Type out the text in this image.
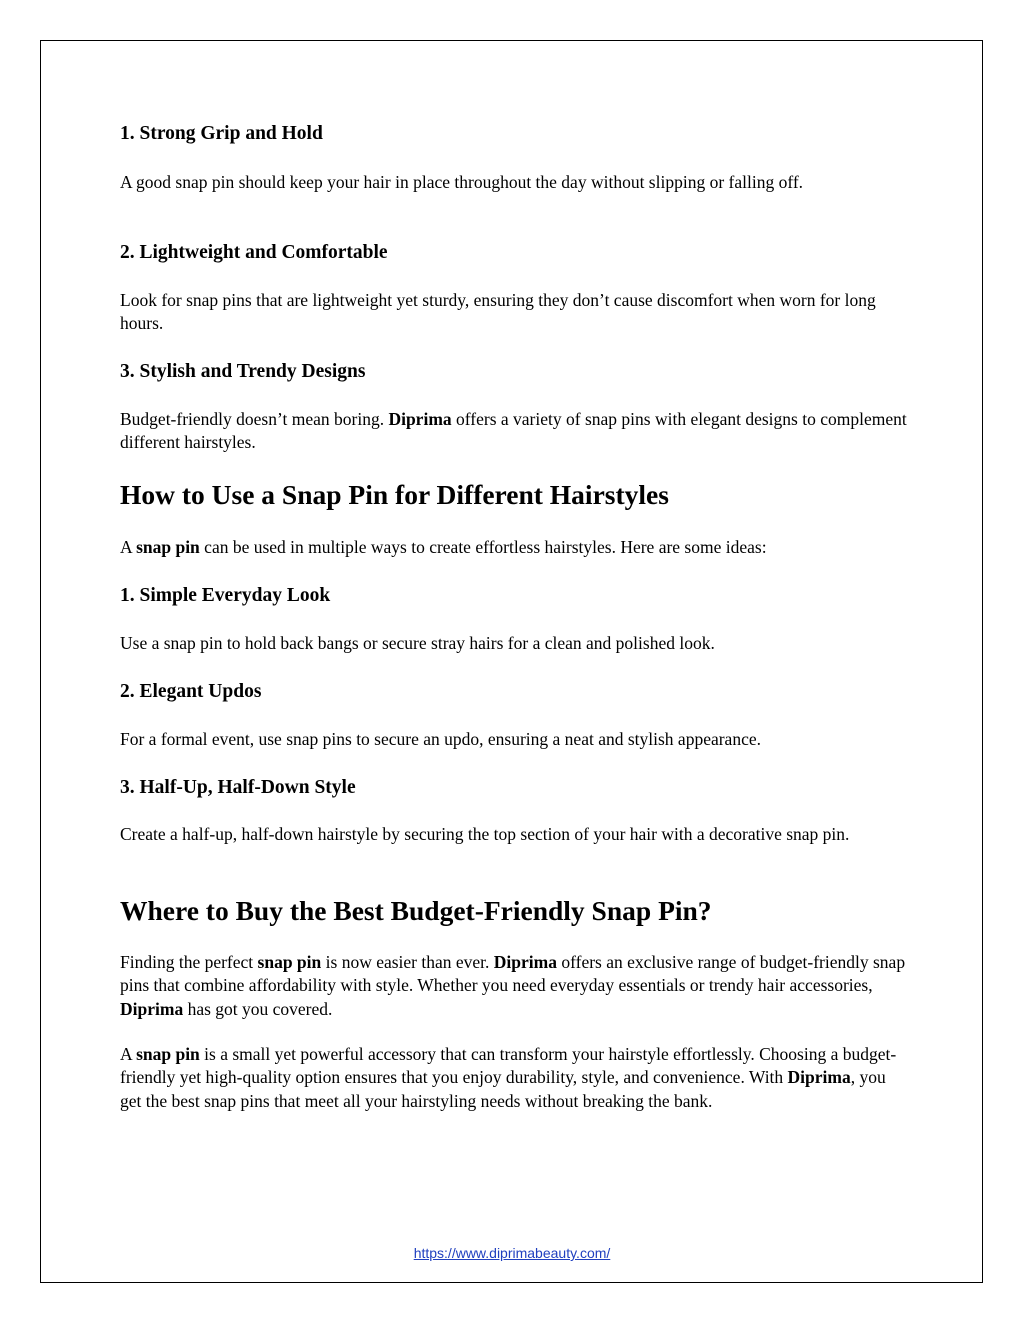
1. Strong Grip and Hold

A good snap pin should keep your hair in place throughout the day without slipping or falling off.

2. Lightweight and Comfortable

Look for snap pins that are lightweight yet sturdy, ensuring they don’t cause discomfort when worn for long hours.

3. Stylish and Trendy Designs

Budget-friendly doesn’t mean boring. Diprima offers a variety of snap pins with elegant designs to complement different hairstyles.

How to Use a Snap Pin for Different Hairstyles

A snap pin can be used in multiple ways to create effortless hairstyles. Here are some ideas:

1. Simple Everyday Look

Use a snap pin to hold back bangs or secure stray hairs for a clean and polished look.

2. Elegant Updos

For a formal event, use snap pins to secure an updo, ensuring a neat and stylish appearance.

3. Half-Up, Half-Down Style

Create a half-up, half-down hairstyle by securing the top section of your hair with a decorative snap pin.

Where to Buy the Best Budget-Friendly Snap Pin?

Finding the perfect snap pin is now easier than ever. Diprima offers an exclusive range of budget-friendly snap pins that combine affordability with style. Whether you need everyday essentials or trendy hair accessories, Diprima has got you covered.

A snap pin is a small yet powerful accessory that can transform your hairstyle effortlessly. Choosing a budget-friendly yet high-quality option ensures that you enjoy durability, style, and convenience. With Diprima, you get the best snap pins that meet all your hairstyling needs without breaking the bank.

https://www.diprimabeauty.com/
